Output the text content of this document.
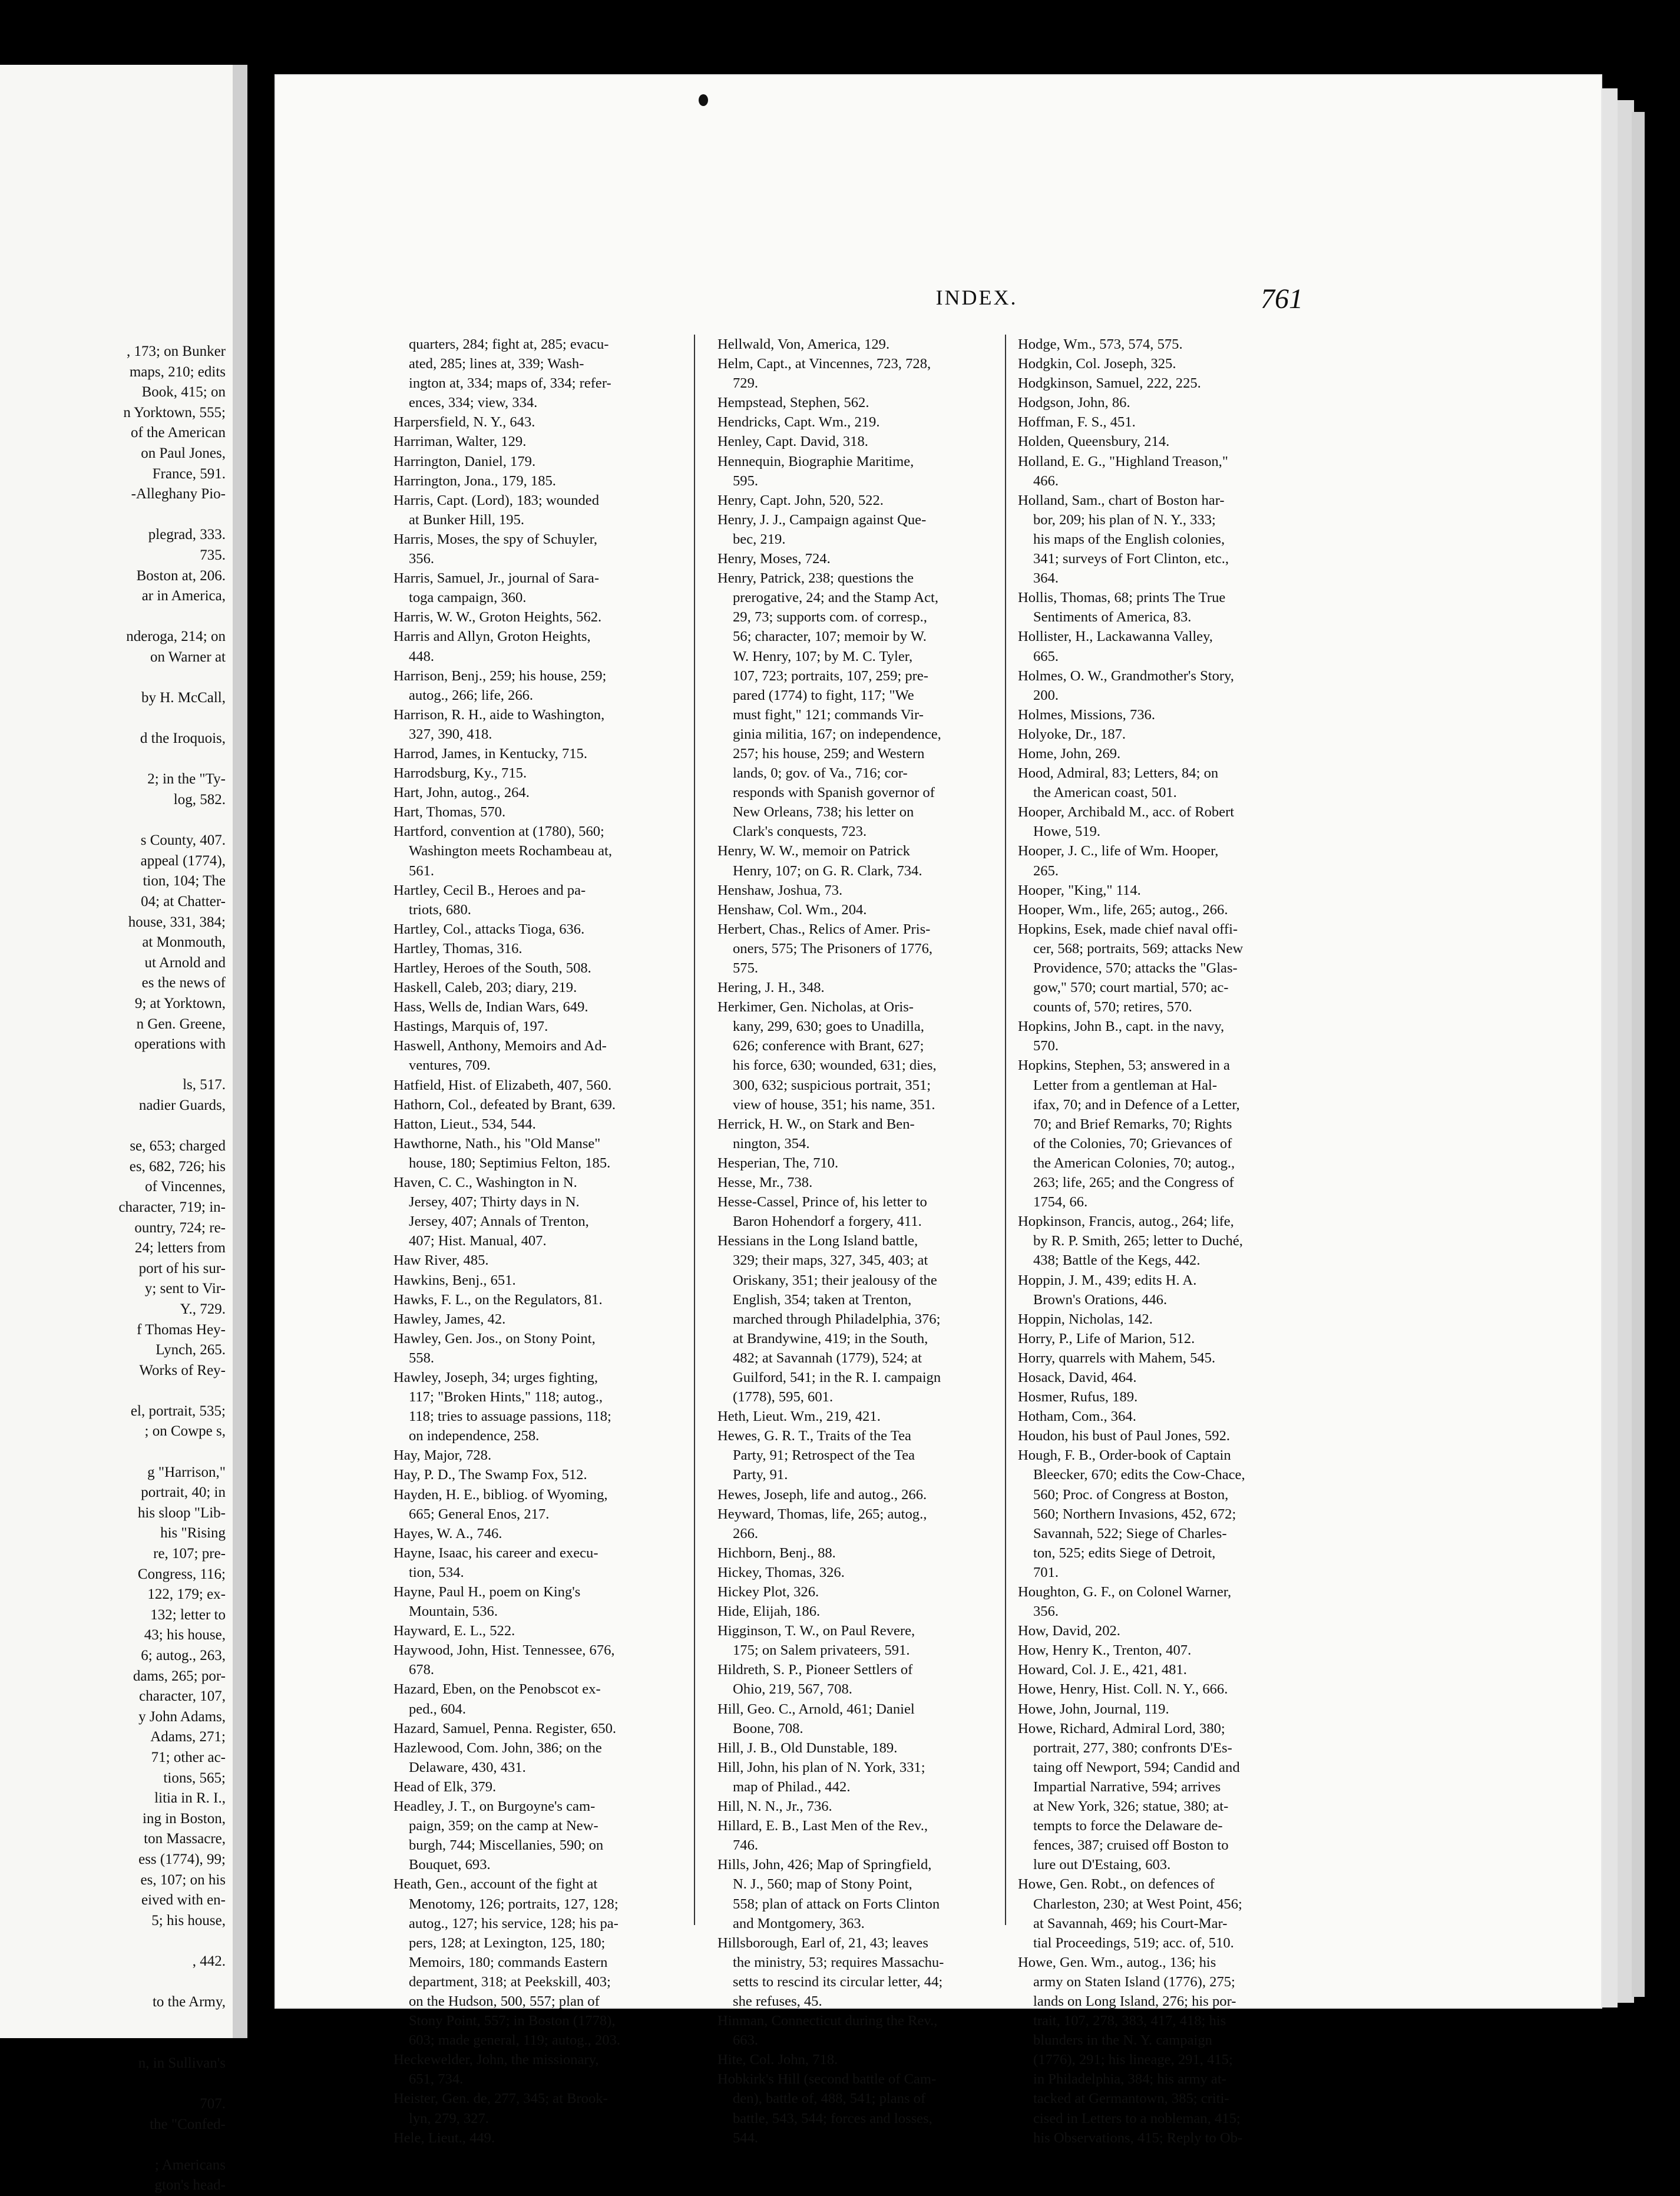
, 173; on Bunker
maps, 210; edits
Book, 415; on
n Yorktown, 555;
of the American
on Paul Jones,
France, 591.
-Alleghany Pio-
plegrad, 333.
735.
Boston at, 206.
ar in America,
nderoga, 214; on
on Warner at
by H. McCall,
d the Iroquois,
2; in the "Ty-
log, 582.
s County, 407.
appeal (1774),
tion, 104; The
04; at Chatter-
house, 331, 384;
at Monmouth,
ut Arnold and
es the news of
9; at Yorktown,
n Gen. Greene,
operations with
ls, 517.
nadier Guards,
se, 653; charged
es, 682, 726; his
of Vincennes,
character, 719; in-
ountry, 724; re-
24; letters from
port of his sur-
y; sent to Vir-
Y., 729.
f Thomas Hey-
Lynch, 265.
Works of Rey-
el, portrait, 535;
; on Cowpe s,
g "Harrison,"
portrait, 40; in
his sloop "Lib-
his "Rising
re, 107; pre-
Congress, 116;
122, 179; ex-
132; letter to
43; his house,
6; autog., 263,
dams, 265; por-
character, 107,
y John Adams,
Adams, 271;
71; other ac-
tions, 565;
litia in R. I.,
ing in Boston,
ton Massacre,
ess (1774), 99;
es, 107; on his
eived with en-
5; his house,
, 442.
to the Army,
n, in Sullivan's
707.
the "Confed-
; Americans
gton's head-
INDEX.	761
quarters, 284; fight at, 285; evacu-
ated, 285; lines at, 339; Wash-
ington at, 334; maps of, 334; refer-
ences, 334; view, 334.
Harpersfield, N. Y., 643.
Harriman, Walter, 129.
Harrington, Daniel, 179.
Harrington, Jona., 179, 185.
Harris, Capt. (Lord), 183; wounded
at Bunker Hill, 195.
Harris, Moses, the spy of Schuyler,
356.
Harris, Samuel, Jr., journal of Sara-
toga campaign, 360.
Harris, W. W., Groton Heights, 562.
Harris and Allyn, Groton Heights,
448.
Harrison, Benj., 259; his house, 259;
autog., 266; life, 266.
Harrison, R. H., aide to Washington,
327, 390, 418.
Harrod, James, in Kentucky, 715.
Harrodsburg, Ky., 715.
Hart, John, autog., 264.
Hart, Thomas, 570.
Hartford, convention at (1780), 560;
Washington meets Rochambeau at,
561.
Hartley, Cecil B., Heroes and pa-
triots, 680.
Hartley, Col., attacks Tioga, 636.
Hartley, Thomas, 316.
Hartley, Heroes of the South, 508.
Haskell, Caleb, 203; diary, 219.
Hass, Wells de, Indian Wars, 649.
Hastings, Marquis of, 197.
Haswell, Anthony, Memoirs and Ad-
ventures, 709.
Hatfield, Hist. of Elizabeth, 407, 560.
Hathorn, Col., defeated by Brant, 639.
Hatton, Lieut., 534, 544.
Hawthorne, Nath., his "Old Manse"
house, 180; Septimius Felton, 185.
Haven, C. C., Washington in N.
Jersey, 407; Thirty days in N.
Jersey, 407; Annals of Trenton,
407; Hist. Manual, 407.
Haw River, 485.
Hawkins, Benj., 651.
Hawks, F. L., on the Regulators, 81.
Hawley, James, 42.
Hawley, Gen. Jos., on Stony Point,
558.
Hawley, Joseph, 34; urges fighting,
117; "Broken Hints," 118; autog.,
118; tries to assuage passions, 118;
on independence, 258.
Hay, Major, 728.
Hay, P. D., The Swamp Fox, 512.
Hayden, H. E., bibliog. of Wyoming,
665; General Enos, 217.
Hayes, W. A., 746.
Hayne, Isaac, his career and execu-
tion, 534.
Hayne, Paul H., poem on King's
Mountain, 536.
Hayward, E. L., 522.
Haywood, John, Hist. Tennessee, 676,
678.
Hazard, Eben, on the Penobscot ex-
ped., 604.
Hazard, Samuel, Penna. Register, 650.
Hazlewood, Com. John, 386; on the
Delaware, 430, 431.
Head of Elk, 379.
Headley, J. T., on Burgoyne's cam-
paign, 359; on the camp at New-
burgh, 744; Miscellanies, 590; on
Bouquet, 693.
Heath, Gen., account of the fight at
Menotomy, 126; portraits, 127, 128;
autog., 127; his service, 128; his pa-
pers, 128; at Lexington, 125, 180;
Memoirs, 180; commands Eastern
department, 318; at Peekskill, 403;
on the Hudson, 500, 557; plan of
Stony Point, 557; in Boston (1778),
603; made general, 119; autog., 203.
Heckewelder, John, the missionary,
651, 734.
Heister, Gen. de, 277, 345; at Brook-
lyn, 279, 327.
Hele, Lieut., 449.
Hellwald, Von, America, 129.
Helm, Capt., at Vincennes, 723, 728,
729.
Hempstead, Stephen, 562.
Hendricks, Capt. Wm., 219.
Henley, Capt. David, 318.
Hennequin, Biographie Maritime,
595.
Henry, Capt. John, 520, 522.
Henry, J. J., Campaign against Que-
bec, 219.
Henry, Moses, 724.
Henry, Patrick, 238; questions the
prerogative, 24; and the Stamp Act,
29, 73; supports com. of corresp.,
56; character, 107; memoir by W.
W. Henry, 107; by M. C. Tyler,
107, 723; portraits, 107, 259; pre-
pared (1774) to fight, 117; "We
must fight," 121; commands Vir-
ginia militia, 167; on independence,
257; his house, 259; and Western
lands, 0; gov. of Va., 716; cor-
responds with Spanish governor of
New Orleans, 738; his letter on
Clark's conquests, 723.
Henry, W. W., memoir on Patrick
Henry, 107; on G. R. Clark, 734.
Henshaw, Joshua, 73.
Henshaw, Col. Wm., 204.
Herbert, Chas., Relics of Amer. Pris-
oners, 575; The Prisoners of 1776,
575.
Hering, J. H., 348.
Herkimer, Gen. Nicholas, at Oris-
kany, 299, 630; goes to Unadilla,
626; conference with Brant, 627;
his force, 630; wounded, 631; dies,
300, 632; suspicious portrait, 351;
view of house, 351; his name, 351.
Herrick, H. W., on Stark and Ben-
nington, 354.
Hesperian, The, 710.
Hesse, Mr., 738.
Hesse-Cassel, Prince of, his letter to
Baron Hohendorf a forgery, 411.
Hessians in the Long Island battle,
329; their maps, 327, 345, 403; at
Oriskany, 351; their jealousy of the
English, 354; taken at Trenton,
marched through Philadelphia, 376;
at Brandywine, 419; in the South,
482; at Savannah (1779), 524; at
Guilford, 541; in the R. I. campaign
(1778), 595, 601.
Heth, Lieut. Wm., 219, 421.
Hewes, G. R. T., Traits of the Tea
Party, 91; Retrospect of the Tea
Party, 91.
Hewes, Joseph, life and autog., 266.
Heyward, Thomas, life, 265; autog.,
266.
Hichborn, Benj., 88.
Hickey, Thomas, 326.
Hickey Plot, 326.
Hide, Elijah, 186.
Higginson, T. W., on Paul Revere,
175; on Salem privateers, 591.
Hildreth, S. P., Pioneer Settlers of
Ohio, 219, 567, 708.
Hill, Geo. C., Arnold, 461; Daniel
Boone, 708.
Hill, J. B., Old Dunstable, 189.
Hill, John, his plan of N. York, 331;
map of Philad., 442.
Hill, N. N., Jr., 736.
Hillard, E. B., Last Men of the Rev.,
746.
Hills, John, 426; Map of Springfield,
N. J., 560; map of Stony Point,
558; plan of attack on Forts Clinton
and Montgomery, 363.
Hillsborough, Earl of, 21, 43; leaves
the ministry, 53; requires Massachu-
setts to rescind its circular letter, 44;
she refuses, 45.
Hinman, Connecticut during the Rev.,
663.
Hite, Col. John, 718.
Hobkirk's Hill (second battle of Cam-
den), battle of, 488, 541; plans of
battle, 543, 544; forces and losses,
544.
Hodge, Wm., 573, 574, 575.
Hodgkin, Col. Joseph, 325.
Hodgkinson, Samuel, 222, 225.
Hodgson, John, 86.
Hoffman, F. S., 451.
Holden, Queensbury, 214.
Holland, E. G., "Highland Treason,"
466.
Holland, Sam., chart of Boston har-
bor, 209; his plan of N. Y., 333;
his maps of the English colonies,
341; surveys of Fort Clinton, etc.,
364.
Hollis, Thomas, 68; prints The True
Sentiments of America, 83.
Hollister, H., Lackawanna Valley,
665.
Holmes, O. W., Grandmother's Story,
200.
Holmes, Missions, 736.
Holyoke, Dr., 187.
Home, John, 269.
Hood, Admiral, 83; Letters, 84; on
the American coast, 501.
Hooper, Archibald M., acc. of Robert
Howe, 519.
Hooper, J. C., life of Wm. Hooper,
265.
Hooper, "King," 114.
Hooper, Wm., life, 265; autog., 266.
Hopkins, Esek, made chief naval offi-
cer, 568; portraits, 569; attacks New
Providence, 570; attacks the "Glas-
gow," 570; court martial, 570; ac-
counts of, 570; retires, 570.
Hopkins, John B., capt. in the navy,
570.
Hopkins, Stephen, 53; answered in a
Letter from a gentleman at Hal-
ifax, 70; and in Defence of a Letter,
70; and Brief Remarks, 70; Rights
of the Colonies, 70; Grievances of
the American Colonies, 70; autog.,
263; life, 265; and the Congress of
1754, 66.
Hopkinson, Francis, autog., 264; life,
by R. P. Smith, 265; letter to Duché,
438; Battle of the Kegs, 442.
Hoppin, J. M., 439; edits H. A.
Brown's Orations, 446.
Hoppin, Nicholas, 142.
Horry, P., Life of Marion, 512.
Horry, quarrels with Mahem, 545.
Hosack, David, 464.
Hosmer, Rufus, 189.
Hotham, Com., 364.
Houdon, his bust of Paul Jones, 592.
Hough, F. B., Order-book of Captain
Bleecker, 670; edits the Cow-Chace,
560; Proc. of Congress at Boston,
560; Northern Invasions, 452, 672;
Savannah, 522; Siege of Charles-
ton, 525; edits Siege of Detroit,
701.
Houghton, G. F., on Colonel Warner,
356.
How, David, 202.
How, Henry K., Trenton, 407.
Howard, Col. J. E., 421, 481.
Howe, Henry, Hist. Coll. N. Y., 666.
Howe, John, Journal, 119.
Howe, Richard, Admiral Lord, 380;
portrait, 277, 380; confronts D'Es-
taing off Newport, 594; Candid and
Impartial Narrative, 594; arrives
at New York, 326; statue, 380; at-
tempts to force the Delaware de-
fences, 387; cruised off Boston to
lure out D'Estaing, 603.
Howe, Gen. Robt., on defences of
Charleston, 230; at West Point, 456;
at Savannah, 469; his Court-Mar-
tial Proceedings, 519; acc. of, 510.
Howe, Gen. Wm., autog., 136; his
army on Staten Island (1776), 275;
lands on Long Island, 276; his por-
trait, 107, 278, 383, 417, 418; his
blunders in the N. Y. campaign
(1776), 291; his lineage, 291, 415;
in Philadelphia, 384; his army at-
tacked at Germantown, 385; criti-
cised in Letters to a nobleman, 415;
his Observations, 415; Reply to Ob-
